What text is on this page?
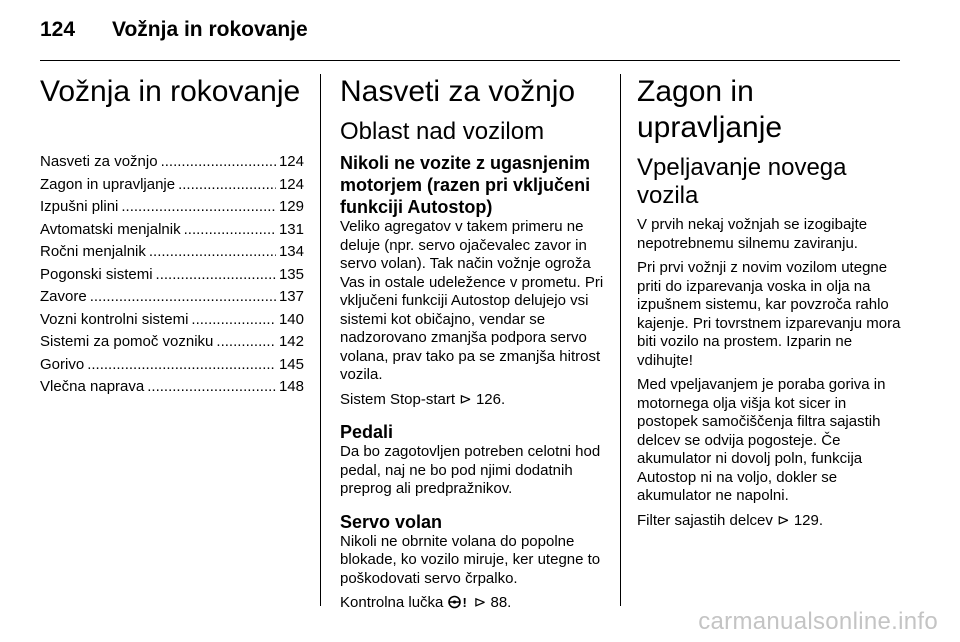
124 Vožnja in rokovanje
Vožnja in rokovanje
Nasveti za vožnjo .....	124
Zagon in upravljanje .....	124
Izpušni plini .....	129
Avtomatski menjalnik .....	131
Ročni menjalnik .....	134
Pogonski sistemi .....	135
Zavore .....	137
Vozni kontrolni sistemi .....	140
Sistemi za pomoč vozniku .....	142
Gorivo .....	145
Vlečna naprava .....	148
Nasveti za vožnjo
Oblast nad vozilom
Nikoli ne vozite z ugasnjenim motorjem (razen pri vključeni funkciji Autostop)

Veliko agregatov v takem primeru ne deluje (npr. servo ojačevalec zavor in servo volan). Tak način vožnje ogroža Vas in ostale udeležence v prometu. Pri vključeni funkciji Autostop delujejo vsi sistemi kot običajno, vendar se nadzorovano zmanjša podpora servo volana, prav tako pa se zmanjša hitrost vozila.

Sistem Stop-start ⊳ 126.

Pedali

Da bo zagotovljen potreben celotni hod pedal, naj ne bo pod njimi dodatnih preprog ali predpražnikov.

Servo volan

Nikoli ne obrnite volana do popolne blokade, ko vozilo miruje, ker utegne to poškodovati servo črpalko.

Kontrolna lučka ! ⊳ 88.

Zagon in upravljanje
Vpeljavanje novega vozila

V prvih nekaj vožnjah se izogibajte nepotrebnemu silnemu zaviranju.

Pri prvi vožnji z novim vozilom utegne priti do izparevanja voska in olja na izpušnem sistemu, kar povzroča rahlo kajenje. Pri tovrstnem izparevanju mora biti vozilo na prostem. Izparin ne vdihujte!

Med vpeljavanjem je poraba goriva in motornega olja višja kot sicer in postopek samočiščenja filtra sajastih delcev se odvija pogosteje. Če akumulator ni dovolj poln, funkcija Autostop ni na voljo, dokler se akumulator ne napolni.

Filter sajastih delcev ⊳ 129.

carmanualsonline.info
